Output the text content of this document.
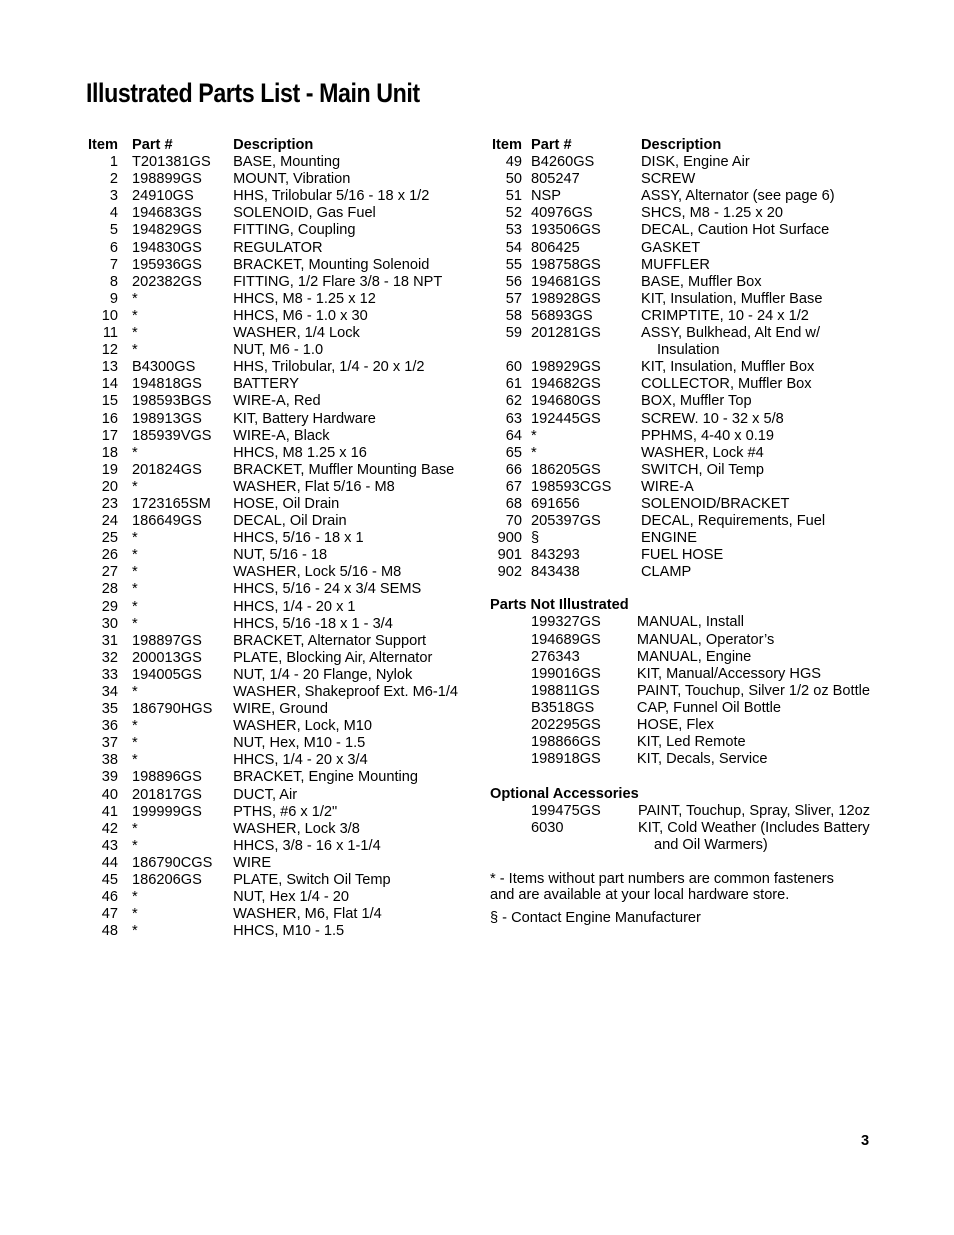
Illustrated Parts List - Main Unit
Item	Part #	Description
1	T201381GS	BASE, Mounting
2	198899GS	MOUNT, Vibration
3	24910GS	HHS, Trilobular 5/16 - 18 x 1/2
4	194683GS	SOLENOID, Gas Fuel
5	194829GS	FITTING, Coupling
6	194830GS	REGULATOR
7	195936GS	BRACKET, Mounting Solenoid
8	202382GS	FITTING, 1/2 Flare 3/8 - 18 NPT
9	*	HHCS, M8 - 1.25 x 12
10	*	HHCS, M6 - 1.0 x 30
11	*	WASHER, 1/4 Lock
12	*	NUT, M6 - 1.0
13	B4300GS	HHS, Trilobular, 1/4 - 20 x 1/2
14	194818GS	BATTERY
15	198593BGS	WIRE-A, Red
16	198913GS	KIT, Battery Hardware
17	185939VGS	WIRE-A, Black
18	*	HHCS, M8 1.25 x 16
19	201824GS	BRACKET, Muffler Mounting Base
20	*	WASHER, Flat 5/16 - M8
23	1723165SM	HOSE, Oil Drain
24	186649GS	DECAL, Oil Drain
25	*	HHCS, 5/16 - 18 x 1
26	*	NUT, 5/16 - 18
27	*	WASHER, Lock 5/16 - M8
28	*	HHCS, 5/16 - 24 x 3/4 SEMS
29	*	HHCS, 1/4 - 20 x 1
30	*	HHCS, 5/16 -18 x 1 - 3/4
31	198897GS	BRACKET, Alternator Support
32	200013GS	PLATE, Blocking Air, Alternator
33	194005GS	NUT, 1/4 - 20 Flange, Nylok
34	*	WASHER, Shakeproof Ext. M6-1/4
35	186790HGS	WIRE, Ground
36	*	WASHER, Lock, M10
37	*	NUT, Hex, M10 - 1.5
38	*	HHCS, 1/4 - 20 x 3/4
39	198896GS	BRACKET, Engine Mounting
40	201817GS	DUCT, Air
41	199999GS	PTHS, #6 x 1/2"
42	*	WASHER, Lock 3/8
43	*	HHCS, 3/8 - 16 x 1-1/4
44	186790CGS	WIRE
45	186206GS	PLATE, Switch Oil Temp
46	*	NUT, Hex 1/4 - 20
47	*	WASHER, M6, Flat 1/4
48	*	HHCS, M10 - 1.5
Item	Part #	Description
49	B4260GS	DISK, Engine Air
50	805247	SCREW
51	NSP	ASSY, Alternator (see page 6)
52	40976GS	SHCS, M8 - 1.25 x 20
53	193506GS	DECAL, Caution Hot Surface
54	806425	GASKET
55	198758GS	MUFFLER
56	194681GS	BASE, Muffler Box
57	198928GS	KIT, Insulation, Muffler Base
58	56893GS	CRIMPTITE, 10 - 24 x 1/2
59	201281GS	ASSY, Bulkhead, Alt End w/
Insulation
60	198929GS	KIT, Insulation, Muffler Box
61	194682GS	COLLECTOR, Muffler Box
62	194680GS	BOX, Muffler Top
63	192445GS	SCREW. 10 - 32 x 5/8
64	*	PPHMS, 4-40 x 0.19
65	*	WASHER, Lock #4
66	186205GS	SWITCH, Oil Temp
67	198593CGS	WIRE-A
68	691656	SOLENOID/BRACKET
70	205397GS	DECAL, Requirements, Fuel
900	§	ENGINE
901	843293	FUEL HOSE
902	843438	CLAMP
Parts Not Illustrated
199327GS	MANUAL, Install
194689GS	MANUAL, Operator’s
276343	MANUAL, Engine
199016GS	KIT, Manual/Accessory HGS
198811GS	PAINT, Touchup, Silver 1/2 oz Bottle
B3518GS	CAP, Funnel Oil Bottle
202295GS	HOSE, Flex
198866GS	KIT, Led Remote
198918GS	KIT, Decals, Service
Optional Accessories
199475GS	PAINT, Touchup, Spray, Sliver, 12oz
6030	KIT, Cold Weather (Includes Battery
and Oil Warmers)
* - Items without part numbers are common fasteners and are available at your local hardware store.
§ - Contact Engine Manufacturer
3
